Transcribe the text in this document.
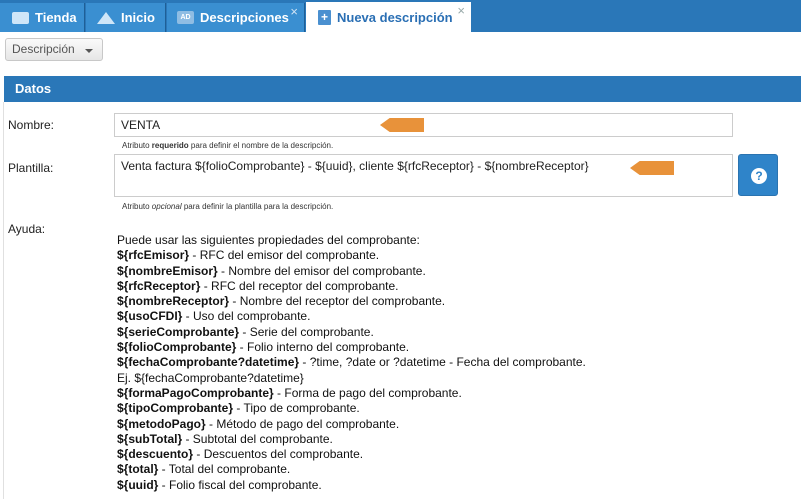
Tienda	Inicio	AD Descripciones × + Nueva descripción ×
Descripción
Datos
Nombre:	VENTA
Atributo requerido para definir el nombre de la descripción.
Plantilla:	Venta factura ${folioComprobante} - ${uuid}, cliente ${rfcReceptor} - ${nombreReceptor}
?
Atributo opcional para definir la plantilla para la descripción.
Ayuda:
Puede usar las siguientes propiedades del comprobante:
${rfcEmisor} - RFC del emisor del comprobante.
${nombreEmisor} - Nombre del emisor del comprobante.
${rfcReceptor} - RFC del receptor del comprobante.
${nombreReceptor} - Nombre del receptor del comprobante.
${usoCFDI} - Uso del comprobante.
${serieComprobante} - Serie del comprobante.
${folioComprobante} - Folio interno del comprobante.
${fechaComprobante?datetime} - ?time, ?date or ?datetime - Fecha del comprobante.
Ej. ${fechaComprobante?datetime}
${formaPagoComprobante} - Forma de pago del comprobante.
${tipoComprobante} - Tipo de comprobante.
${metodoPago} - Método de pago del comprobante.
${subTotal} - Subtotal del comprobante.
${descuento} - Descuentos del comprobante.
${total} - Total del comprobante.
${uuid} - Folio fiscal del comprobante.
